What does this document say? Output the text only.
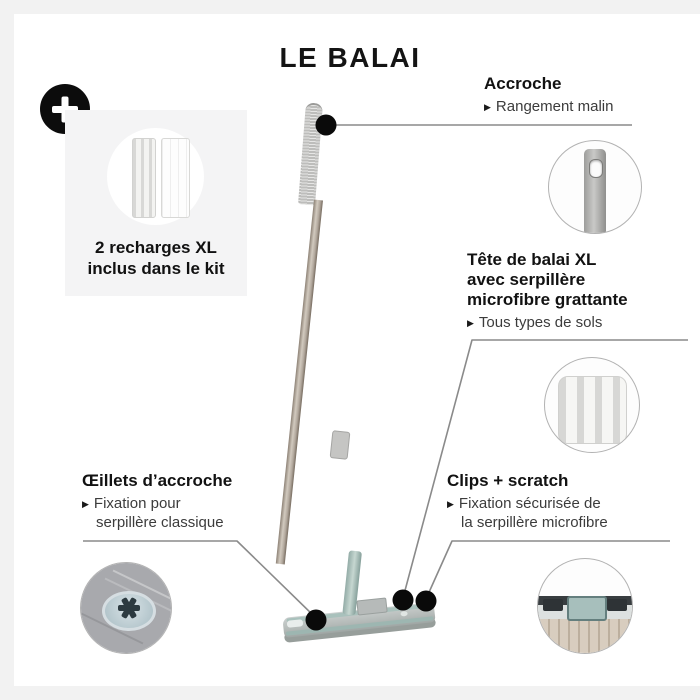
LE BALAI
2 recharges XL
inclus dans le kit
Accroche
▶ Rangement malin
Tête de balai XL
avec serpillère
microfibre grattante
▶ Tous types de sols
Œillets d’accroche
▶ Fixation pour
serpillère classique
Clips + scratch
▶ Fixation sécurisée de
la serpillère microfibre
